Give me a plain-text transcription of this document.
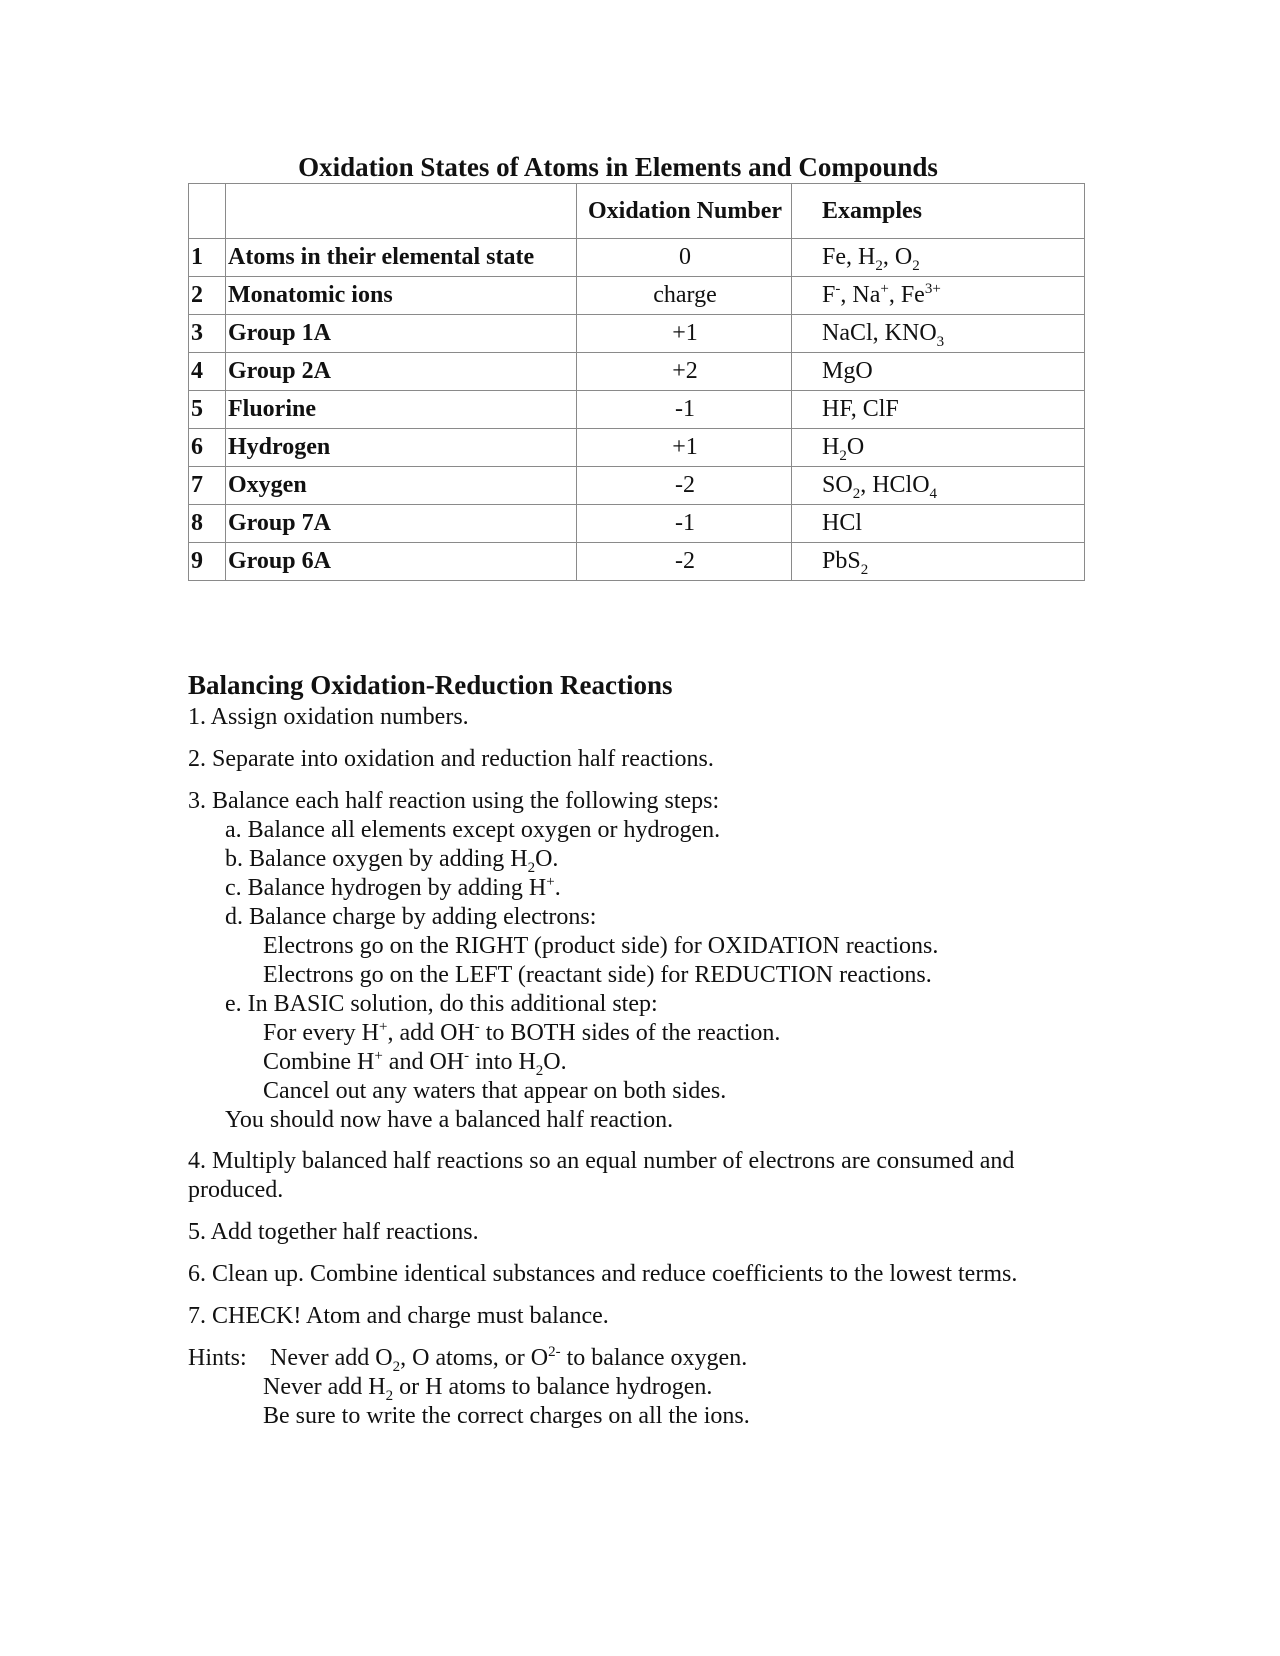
Oxidation States of Atoms in Elements and Compounds
		Oxidation Number	Examples
1	Atoms in their elemental state	0	Fe, $H_2$, $O_2$
2	Monatomic ions	charge	F-, Na+, $Fe^{3+}$
3	Group 1A	+1	NaCl, $KNO_3$
4	Group 2A	+2	MgO
5	Fluorine	-1	HF, ClF
6	Hydrogen	+1	$H_2O$
7	Oxygen	-2	$SO_2$, HClO$_4$
8	Group 7A	-1	HCl
9	Group 6A	-2	PbS$_2$
Balancing Oxidation-Reduction Reactions
1. Assign oxidation numbers.
2. Separate into oxidation and reduction half reactions.
3. Balance each half reaction using the following steps:
a. Balance all elements except oxygen or hydrogen.
b. Balance oxygen by adding $H_2O$.
c. Balance hydrogen by adding H+.
d. Balance charge by adding electrons:
Electrons go on the RIGHT (product side) for OXIDATION reactions.
Electrons go on the LEFT (reactant side) for REDUCTION reactions.
e. In BASIC solution, do this additional step:
For every H+, add OH- to BOTH sides of the reaction.
Combine H+ and OH- into $H_2O$.
Cancel out any waters that appear on both sides.
You should now have a balanced half reaction.
4. Multiply balanced half reactions so an equal number of electrons are consumed and
produced.
5. Add together half reactions.
6. Clean up. Combine identical substances and reduce coefficients to the lowest terms.
7. CHECK! Atom and charge must balance.
Hints: Never add $O_2$, O atoms, or $O^{2-}$ to balance oxygen.
Never add $H_2$ or H atoms to balance hydrogen.
Be sure to write the correct charges on all the ions.
